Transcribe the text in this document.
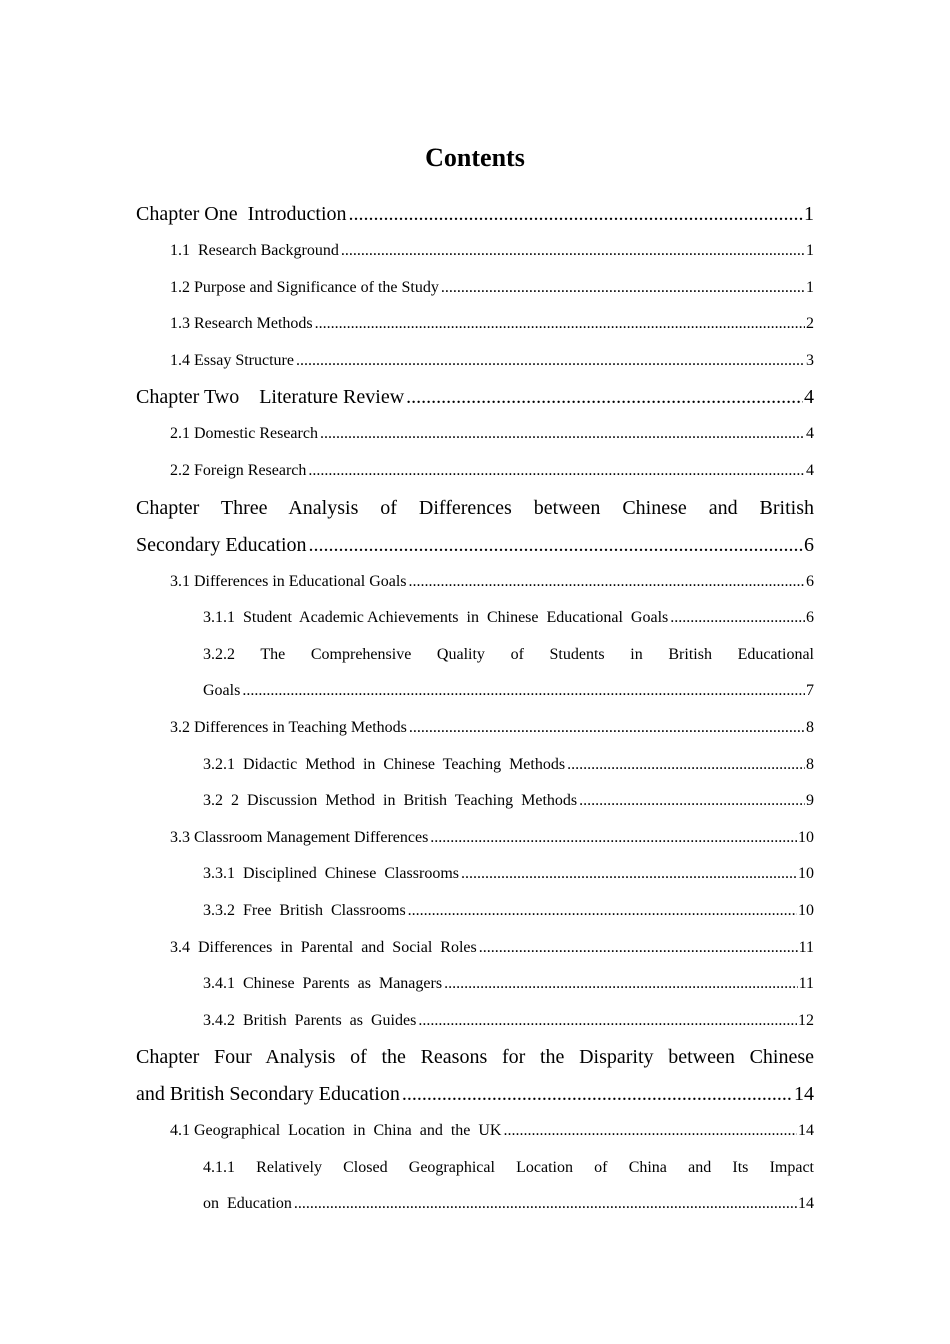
Contents
Chapter One  Introduction .....	1
1.1  Research Background .....	1
1.2 Purpose and Significance of the Study .....	1
1.3 Research Methods .....	2
1.4 Essay Structure .....	3
Chapter Two    Literature Review .....	4
2.1 Domestic Research .....	4
2.2 Foreign Research .....	4
Chapter Three Analysis of Differences between Chinese and British
Secondary Education .....	6
3.1 Differences in Educational Goals .....	6
3.1.1  Student  Academic Achievements  in  Chinese  Educational  Goals .....	6
3.2.2 The Comprehensive Quality of Students in British Educational
Goals .....	7
3.2 Differences in Teaching Methods .....	8
3.2.1  Didactic  Method  in  Chinese  Teaching  Methods .....	8
3.2  2  Discussion  Method  in  British  Teaching  Methods .....	9
3.3 Classroom Management Differences .....	10
3.3.1  Disciplined  Chinese  Classrooms .....	10
3.3.2  Free  British  Classrooms .....	10
3.4  Differences  in  Parental  and  Social  Roles .....	11
3.4.1  Chinese  Parents  as  Managers .....	11
3.4.2  British  Parents  as  Guides .....	12
Chapter Four Analysis of the Reasons for the Disparity between Chinese
and British Secondary Education .....	14
4.1 Geographical  Location  in  China  and  the  UK .....	14
4.1.1 Relatively Closed Geographical Location of China and Its Impact
on  Education .....	14
